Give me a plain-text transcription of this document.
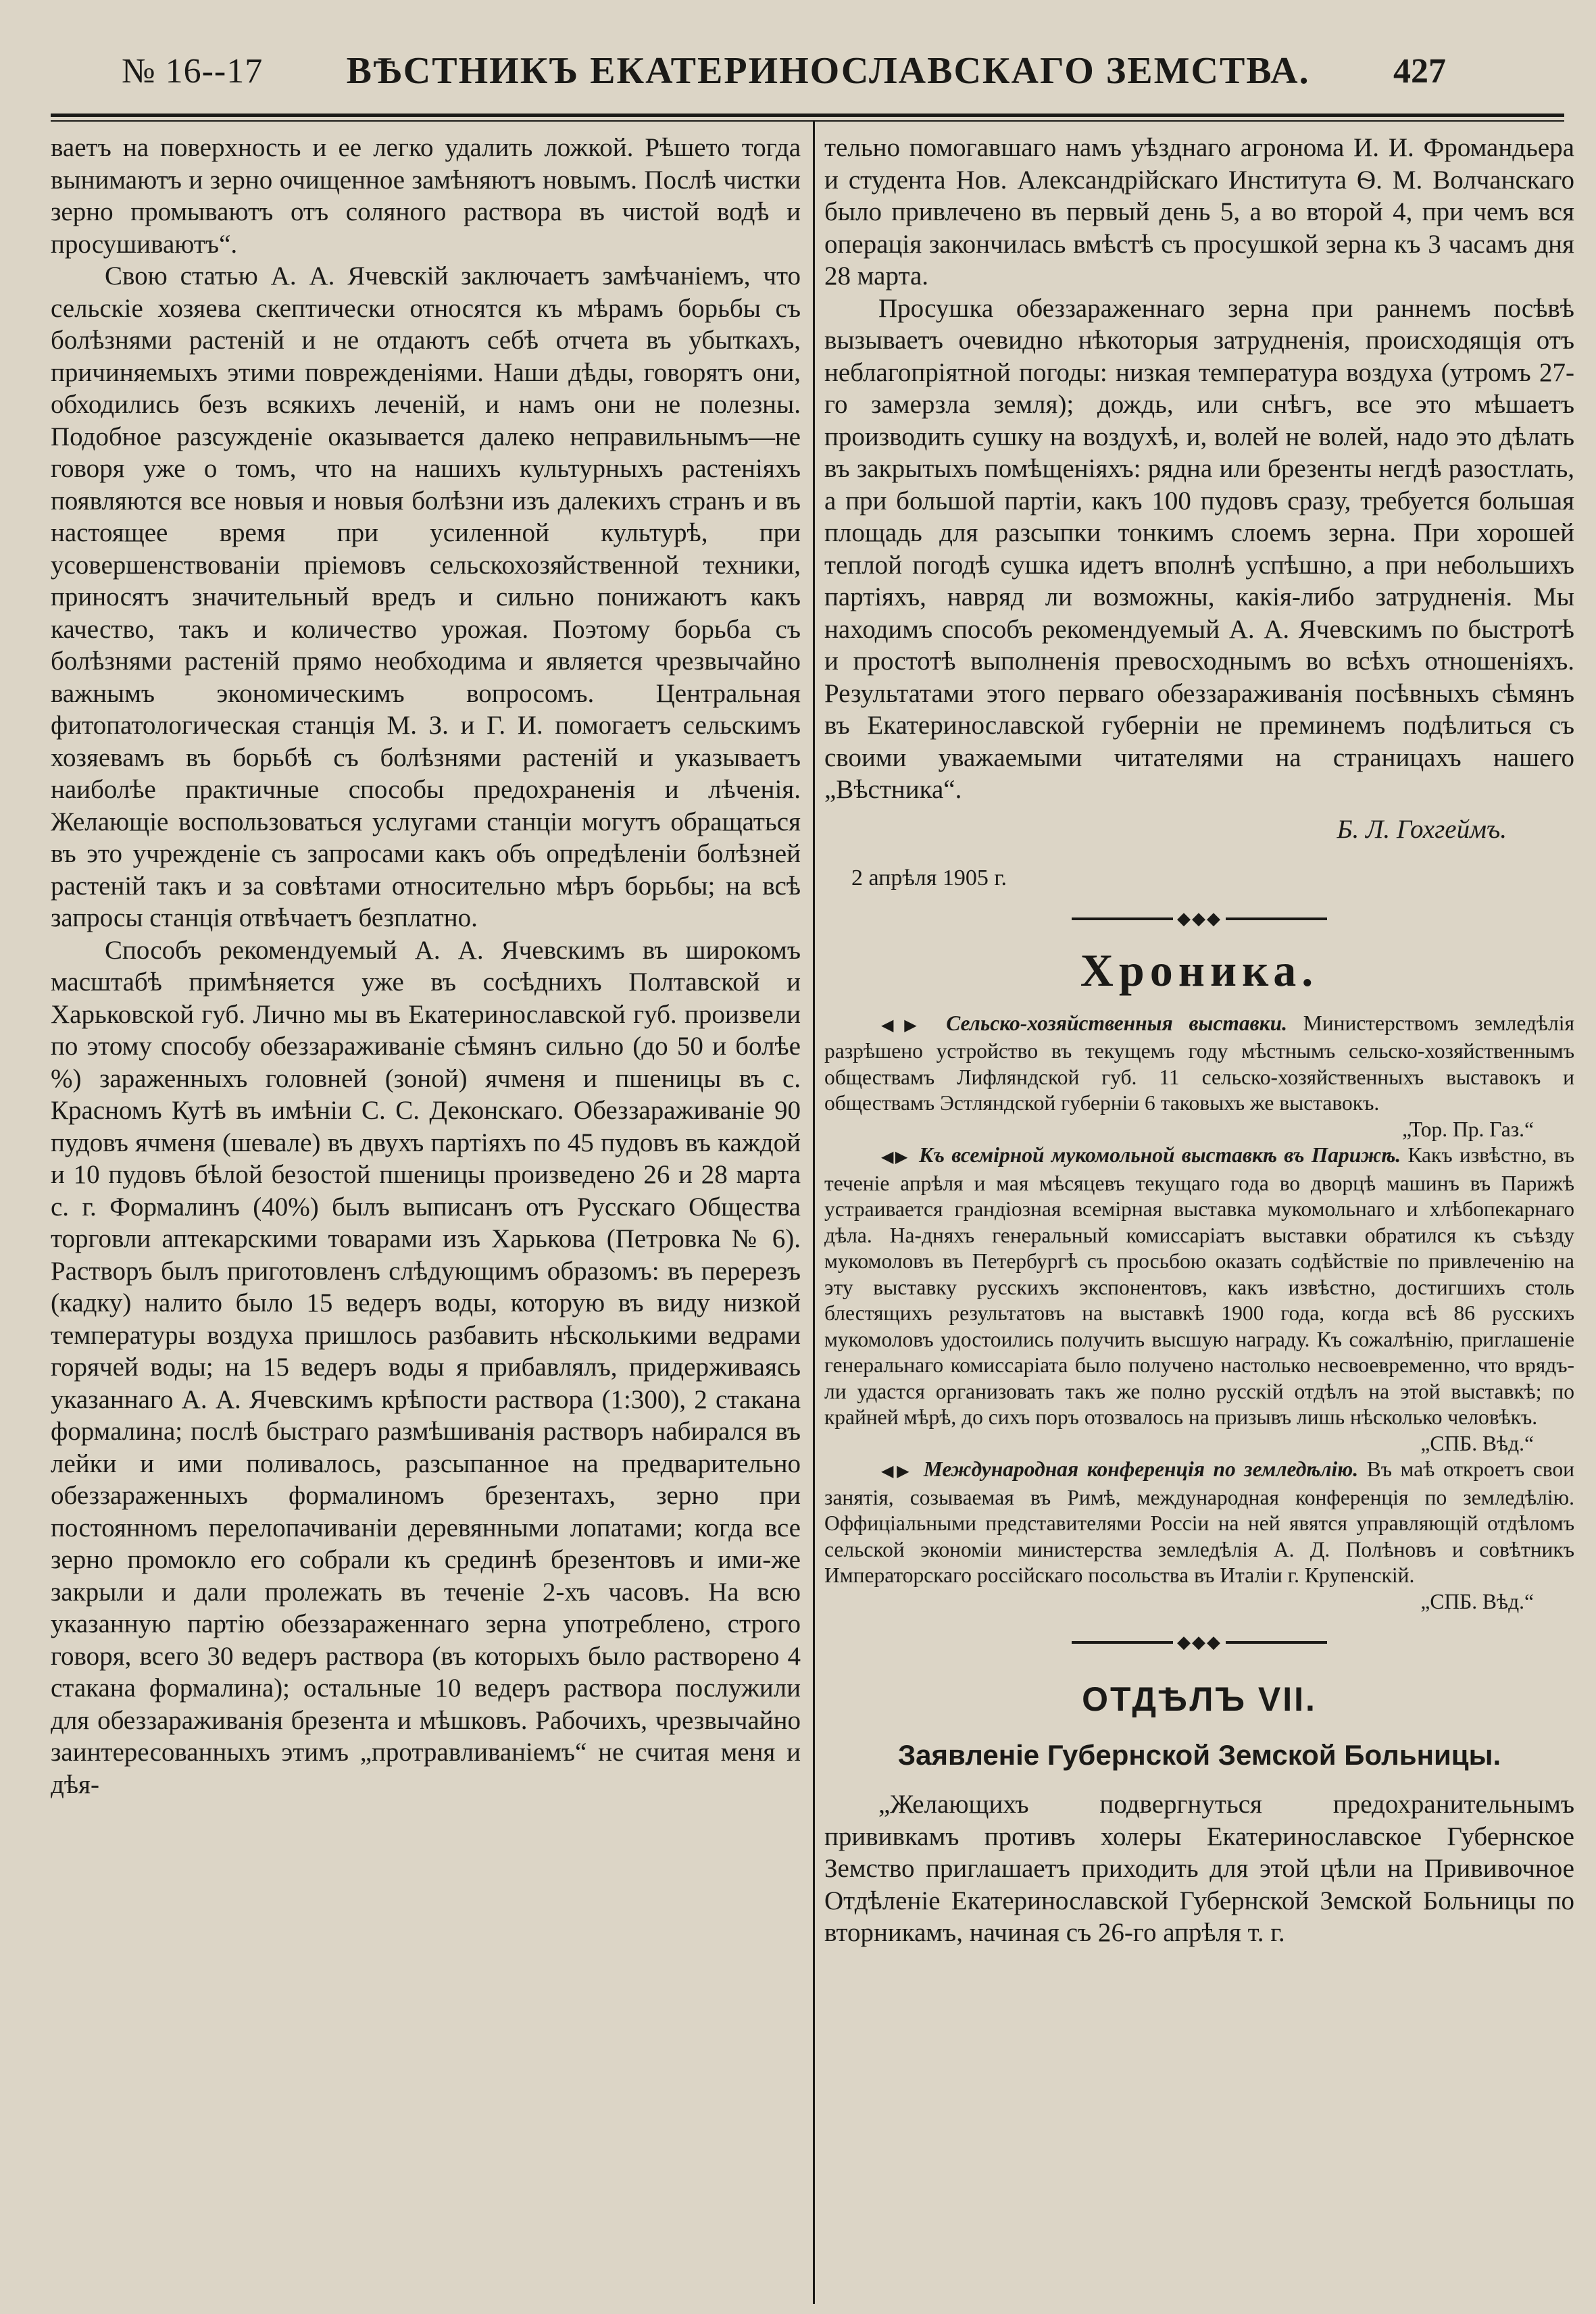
№ 16--17 ВѢСТНИКЪ ЕКАТЕРИНОСЛАВСКАГО ЗЕМСТВА. 427

ваетъ на поверхность и ее легко удалить ложкой. Рѣшето тогда вынимаютъ и зерно очищенное замѣняютъ новымъ. Послѣ чистки зерно промываютъ отъ соляного раствора въ чистой водѣ и просушиваютъ“.

Свою статью А. А. Ячевскій заключаетъ замѣчаніемъ, что сельскіе хозяева скептически относятся къ мѣрамъ борьбы съ болѣзнями растеній и не отдаютъ себѣ отчета въ убыткахъ, причиняемыхъ этими поврежденіями. Наши дѣды, говорятъ они, обходились безъ всякихъ леченій, и намъ они не полезны. Подобное разсужденіе оказывается далеко неправильнымъ—не говоря уже о томъ, что на нашихъ культурныхъ растеніяхъ появляются все новыя и новыя болѣзни изъ далекихъ странъ и въ настоящее время при усиленной культурѣ, при усовершенствованіи пріемовъ сельскохозяйственной техники, приносятъ значительный вредъ и сильно понижаютъ какъ качество, такъ и количество урожая. Поэтому борьба съ болѣзнями растеній прямо необходима и является чрезвычайно важнымъ экономическимъ вопросомъ. Центральная фитопатологическая станція М. З. и Г. И. помогаетъ сельскимъ хозяевамъ въ борьбѣ съ болѣзнями растеній и указываетъ наиболѣе практичные способы предохраненія и лѣченія. Желающіе воспользоваться услугами станціи могутъ обращаться въ это учрежденіе съ запросами какъ объ опредѣленіи болѣзней растеній такъ и за совѣтами относительно мѣръ борьбы; на всѣ запросы станція отвѣчаетъ безплатно.

Способъ рекомендуемый А. А. Ячевскимъ въ широкомъ масштабѣ примѣняется уже въ сосѣднихъ Полтавской и Харьковской губ. Лично мы въ Екатеринославской губ. произвели по этому способу обеззараживаніе сѣмянъ сильно (до 50 и болѣе %) зараженныхъ головней (зоной) ячменя и пшеницы въ с. Красномъ Кутѣ въ имѣніи С. С. Деконскаго. Обеззараживаніе 90 пудовъ ячменя (шевале) въ двухъ партіяхъ по 45 пудовъ въ каждой и 10 пудовъ бѣлой безостой пшеницы произведено 26 и 28 марта с. г. Формалинъ (40%) былъ выписанъ отъ Русскаго Общества торговли аптекарскими товарами изъ Харькова (Петровка № 6). Растворъ былъ приготовленъ слѣдующимъ образомъ: въ перерезъ (кадку) налито было 15 ведеръ воды, которую въ виду низкой температуры воздуха пришлось разбавить нѣсколькими ведрами горячей воды; на 15 ведеръ воды я прибавлялъ, придерживаясь указаннаго А. А. Ячевскимъ крѣпости раствора (1:300), 2 стакана формалина; послѣ быстраго размѣшиванія растворъ набирался въ лейки и ими поливалось, разсыпанное на предварительно обеззараженныхъ формалиномъ брезентахъ, зерно при постоянномъ перелопачиваніи деревянными лопатами; когда все зерно промокло его собрали къ срединѣ брезентовъ и ими-же закрыли и дали пролежать въ теченіе 2-хъ часовъ. На всю указанную партію обеззараженнаго зерна употреблено, строго говоря, всего 30 ведеръ раствора (въ которыхъ было растворено 4 стакана формалина); остальные 10 ведеръ раствора послужили для обеззараживанія брезента и мѣшковъ. Рабочихъ, чрезвычайно заинтересованныхъ этимъ „протравливаніемъ“ не считая меня и дѣя-

тельно помогавшаго намъ уѣзднаго агронома И. И. Фромандьера и студента Нов. Александрійскаго Института Ѳ. М. Волчанскаго было привлечено въ первый день 5, а во второй 4, при чемъ вся операція закончилась вмѣстѣ съ просушкой зерна къ 3 часамъ дня 28 марта.

Просушка обеззараженнаго зерна при раннемъ посѣвѣ вызываетъ очевидно нѣкоторыя затрудненія, происходящія отъ неблагопріятной погоды: низкая температура воздуха (утромъ 27-го замерзла земля); дождь, или снѣгъ, все это мѣшаетъ производить сушку на воздухѣ, и, волей не волей, надо это дѣлать въ закрытыхъ помѣщеніяхъ: рядна или брезенты негдѣ разостлать, а при большой партіи, какъ 100 пудовъ сразу, требуется большая площадь для разсыпки тонкимъ слоемъ зерна. При хорошей теплой погодѣ сушка идетъ вполнѣ успѣшно, а при небольшихъ партіяхъ, навряд ли возможны, какія-либо затрудненія. Мы находимъ способъ рекомендуемый А. А. Ячевскимъ по быстротѣ и простотѣ выполненія превосходнымъ во всѣхъ отношеніяхъ. Результатами этого перваго обеззараживанія посѣвныхъ сѣмянъ въ Екатеринославской губерніи не преминемъ подѣлиться съ своими уважаемыми читателями на страницахъ нашего „Вѣстника“.

Б. Л. Гохгеймъ.

2 апрѣля 1905 г.

◆◆◆
Хроника.

◀▶ Сельско-хозяйственныя выставки. Министерствомъ земледѣлія разрѣшено устройство въ текущемъ году мѣстнымъ сельско-хозяйственнымъ обществамъ Лифляндской губ. 11 сельско-хозяйственныхъ выставокъ и обществамъ Эстляндской губерніи 6 таковыхъ же выставокъ.
„Тор. Пр. Газ.“

◀▶ Къ всемірной мукомольной выставкѣ въ Парижѣ. Какъ извѣстно, въ теченіе апрѣля и мая мѣсяцевъ текущаго года во дворцѣ машинъ въ Парижѣ устраивается грандіозная всемірная выставка мукомольнаго и хлѣбопекарнаго дѣла. На-дняхъ генеральный комиссаріатъ выставки обратился къ съѣзду мукомоловъ въ Петербургѣ съ просьбою оказать содѣйствіе по привлеченію на эту выставку русскихъ экспонентовъ, какъ извѣстно, достигшихъ столь блестящихъ результатовъ на выставкѣ 1900 года, когда всѣ 86 русскихъ мукомоловъ удостоились получить высшую награду. Къ сожалѣнію, приглашеніе генеральнаго комиссаріата было получено настолько несвоевременно, что врядъ-ли удастся организовать такъ же полно русскій отдѣлъ на этой выставкѣ; по крайней мѣрѣ, до сихъ поръ отозвалось на призывъ лишь нѣсколько человѣкъ.
„СПБ. Вѣд.“

◀▶ Международная конференція по земледѣлію. Въ маѣ откроетъ свои занятія, созываемая въ Римѣ, международная конференція по земледѣлію. Оффиціальными представителями Россіи на ней явятся управляющій отдѣломъ сельской экономіи министерства земледѣлія А. Д. Полѣновъ и совѣтникъ Императорскаго россійскаго посольства въ Италіи г. Крупенскій.
„СПБ. Вѣд.“

◆◆◆
ОТДѢЛЪ VII.
Заявленіе Губернской Земской Больницы.

„Желающихъ подвергнуться предохранительнымъ прививкамъ противъ холеры Екатеринославское Губернское Земство приглашаетъ приходить для этой цѣли на Прививочное Отдѣленіе Екатеринославской Губернской Земской Больницы по вторникамъ, начиная съ 26-го апрѣля т. г.
